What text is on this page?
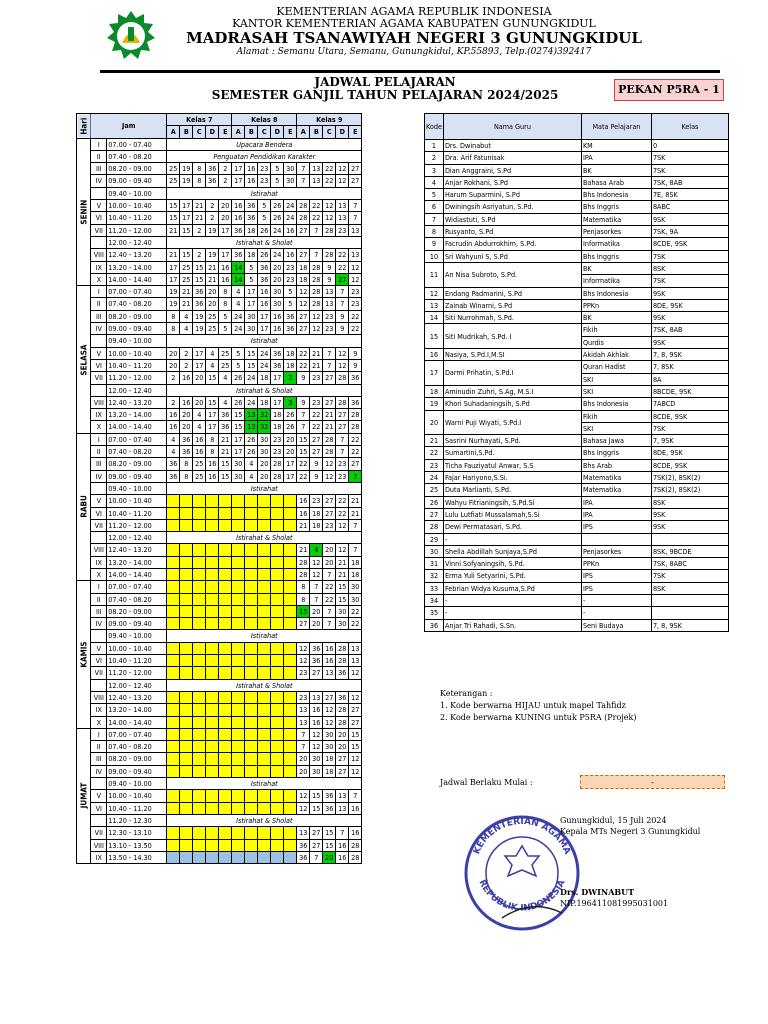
KEMENTERIAN AGAMA REPUBLIK INDONESIA
KANTOR KEMENTERIAN AGAMA KABUPATEN GUNUNGKIDUL
MADRASAH TSANAWIYAH NEGERI 3 GUNUNGKIDUL
Alamat : Semanu Utara, Semanu, Gunungkidul, KP.55893, Telp.(0274)392417
JADWAL PELAJARAN
SEMESTER GANJIL TAHUN PELAJARAN 2024/2025	PEKAN P5RA - 1
Hari	Jam		Kelas 7					Kelas 8					Kelas 9				
			A	B	C	D	E	A	B	C	D	E	A	B	C	D	E
SENIN	I	07.00 - 07.40	Upacara Bendera														
	II	07.40 - 08.20	Penguatan Pendidikan Karakter														
	III	08.20 - 09.00	25	19	8	36	2	17	16	23	5	30	7	13	22	12	27
	IV	09.00 - 09.40	25	19	8	36	2	17	16	23	5	30	7	13	22	12	27
		09.40 - 10.00	Istirahat														
	V	10.00 - 10.40	15	17	21	2	20	16	36	5	26	24	28	22	12	13	7
	VI	10.40 - 11.20	15	17	21	2	20	16	36	5	26	24	28	22	12	13	7
	VII	11.20 - 12.00	21	15	2	19	17	36	18	26	24	16	27	7	28	23	13
		12.00 - 12.40	Istirahat & Sholat														
	VIII	12.40 - 13.20	21	15	2	19	17	36	18	26	24	16	27	7	28	22	13
	IX	13.20 - 14.00	17	25	15	21	16	14	5	36	20	23	18	28	9	22	12
	X	14.00 - 14.40	17	25	15	21	16	14	5	36	20	23	18	28	9	27	12
SELASA	I	07.00 - 07.40	19	21	36	20	8	4	17	16	30	5	12	28	13	7	23
	II	07.40 - 08.20	19	21	36	20	8	4	17	16	30	5	12	28	13	7	23
	III	08.20 - 09.00	8	4	19	25	5	24	30	17	16	36	27	12	23	9	22
	IV	09.00 - 09.40	8	4	19	25	5	24	30	17	16	36	27	12	23	9	22
		09.40 - 10.00	Istirahat														
	V	10.00 - 10.40	20	2	17	4	25	5	15	24	36	18	22	21	7	12	9
	VI	10.40 - 11.20	20	2	17	4	25	5	15	24	36	18	22	21	7	12	9
	VII	11.20 - 12.00	2	16	20	15	4	26	24	18	17	3	9	23	27	28	36
		12.00 - 12.40	Istirahat & Sholat														
	VIII	12.40 - 13.20	2	16	20	15	4	26	24	18	17	3	9	23	27	28	36
	IX	13.20 - 14.00	16	20	4	17	36	15	13	32	18	26	7	22	21	27	28
	X	14.00 - 14.40	16	20	4	17	36	15	13	32	18	26	7	22	21	27	28
RABU	I	07.00 - 07.40	4	36	16	8	21	17	26	30	23	20	15	27	28	7	22
	II	07.40 - 08.20	4	36	16	8	21	17	26	30	23	20	15	27	28	7	22
	III	08.20 - 09.00	36	8	25	16	15	30	4	20	28	17	22	9	12	23	27
	IV	09.00 - 09.40	36	8	25	16	15	30	4	20	28	17	22	9	12	23	7
		09.40 - 10.00	Istirahat														
	V	10.00 - 10.40											16	23	27	22	21
	VI	10.40 - 11.20											16	18	27	22	21
	VII	11.20 - 12.00											21	18	23	12	7
		12.00 - 12.40	Istirahat & Sholat														
	VIII	12.40 - 13.20											21	4	20	12	7
	IX	13.20 - 14.00											28	12	20	21	18
	X	14.00 - 14.40											28	12	7	21	18
KAMIS	I	07.00 - 07.40											8	7	22	15	30
	II	07.40 - 08.20											8	7	22	15	30
	III	08.20 - 09.00											15	20	7	30	22
	IV	09.00 - 09.40											27	20	7	30	22
		09.40 - 10.00	Istirahat														
	V	10.00 - 10.40											12	36	16	28	13
	VI	10.40 - 11.20											12	36	16	28	13
	VII	11.20 - 12.00											23	27	13	36	12
		12.00 - 12.40	Istirahat & Sholat														
	VIII	12.40 - 13.20											23	13	27	36	12
	IX	13.20 - 14.00											13	16	12	28	27
	X	14.00 - 14.40											13	16	12	28	27
JUMAT	I	07.00 - 07.40											7	12	30	20	15
	II	07.40 - 08.20											7	12	30	20	15
	III	08.20 - 09.00											20	30	18	27	12
	IV	09.00 - 09.40											20	30	18	27	12
		09.40 - 10.00	Istirahat														
	V	10.00 - 10.40											12	15	36	13	7
	VI	10.40 - 11.20											12	15	36	13	16
		11.20 - 12.30	Istirahat & Sholat														
	VII	12.30 - 13.10											13	27	15	7	16
	VIII	13.10 - 13.50											36	27	15	16	28
	IX	13.50 - 14.30											36	7	20	16	28
Kode	Nama Guru	Mata Pelajaran	Kelas
1	Drs. Dwinabut	KM	0
2	Dra. Arif Fatunisak	IPA	7SK
3	Dian Anggraini, S.Pd	BK	7SK
4	Anjar Rokhani, S.Pd	Bahasa Arab	7SK, 8AB
5	Harum Suparmini, S.Pd	Bhs Indonesia	7E, 8SK
6	Dwiningsih Asriyatun, S.Pd.	Bhs Inggris	8ABC
7	Widiastuti, S.Pd	Matematika	9SK
8	Rusyanto, S.Pd	Penjasorkes	7SK, 9A
9	Facrudin Abdurrokhim, S.Pd.	Informatika	8CDE, 9SK
10	Sri Wahyuni S, S.Pd	Bhs Inggris	7SK
11	An Nisa Subroto, S.Pd.	BK	8SK
		Informatika	7SK
12	Endang Padmarini, S.Pd	Bhs Indonesia	9SK
13	Zainab Winarni, S.Pd	PPKn	8DE, 9SK
14	Siti Nurrohmah, S.Pd.	BK	9SK
15	Siti Mudrikah, S.Pd. I	Fikih	7SK, 8AB
		Qurdis	9SK
16	Nasiya, S.Pd.I,M.SI	Akidah Akhlak	7, 8, 9SK
17	Darmi Prihatin, S.Pd.I	Quran Hadist	7, 8SK
		SKI	8A
18	Aminudin Zuhri, S.Ag, M.S.I	SKI	8BCDE, 9SK
19	Khori Suhadaningsih, S.Pd	Bhs Indonesia	7ABCD
20	Warni Puji Wiyati, S.Pd.I	Fikih	8CDE, 9SK
		SKI	7SK
21	Sasrini Nurhayati, S.Pd.	Bahasa Jawa	7, 9SK
22	Sumartini,S.Pd.	Bhs Inggris	8DE, 9SK
23	Ticha Fauziyatul Anwar, S.S	Bhs Arab	8CDE, 9SK
24	Fajar Hariyono,S.Si.	Matematika	7SK(2), 8SK(2)
25	Duta Marlianti, S.Pd.	Matematika	7SK(2), 8SK(2)
26	Wahyu Fitrianingsih, S.Pd.Si	IPA	8SK
27	Lulu Lutfiati Mussalamah,S.Si	IPA	9SK
28	Dewi Permatasari, S.Pd.	IPS	9SK
29	-		
30	Shella Abdillah Sunjaya,S.Pd	Penjasorkes	8SK, 9BCDE
31	Vinni Sofyaningsih, S.Pd.	PPKn	7SK, 8ABC
32	Erma Yuli Setyarini, S.Pd.	IPS	7SK
33	Febrian Widya Kusuma,S.Pd	IPS	8SK
34	-	-	
35	-	-	
36	Anjar Tri Rahadi, S.Sn.	Seni Budaya	7, 8, 9SK
Keterangan :
1. Kode berwarna HIJAU untuk mapel Tahfidz
2. Kode berwarna KUNING untuk P5RA (Projek)
Jadwal Berlaku Mulai :	-
KEMENTERIAN AGAMA
REPUBLIK INDONESIA
Gunungkidul, 15 Juli 2024
Kepala MTs Negeri 3 Gunungkidul
Drs. DWINABUT
NIP.196411081995031001
